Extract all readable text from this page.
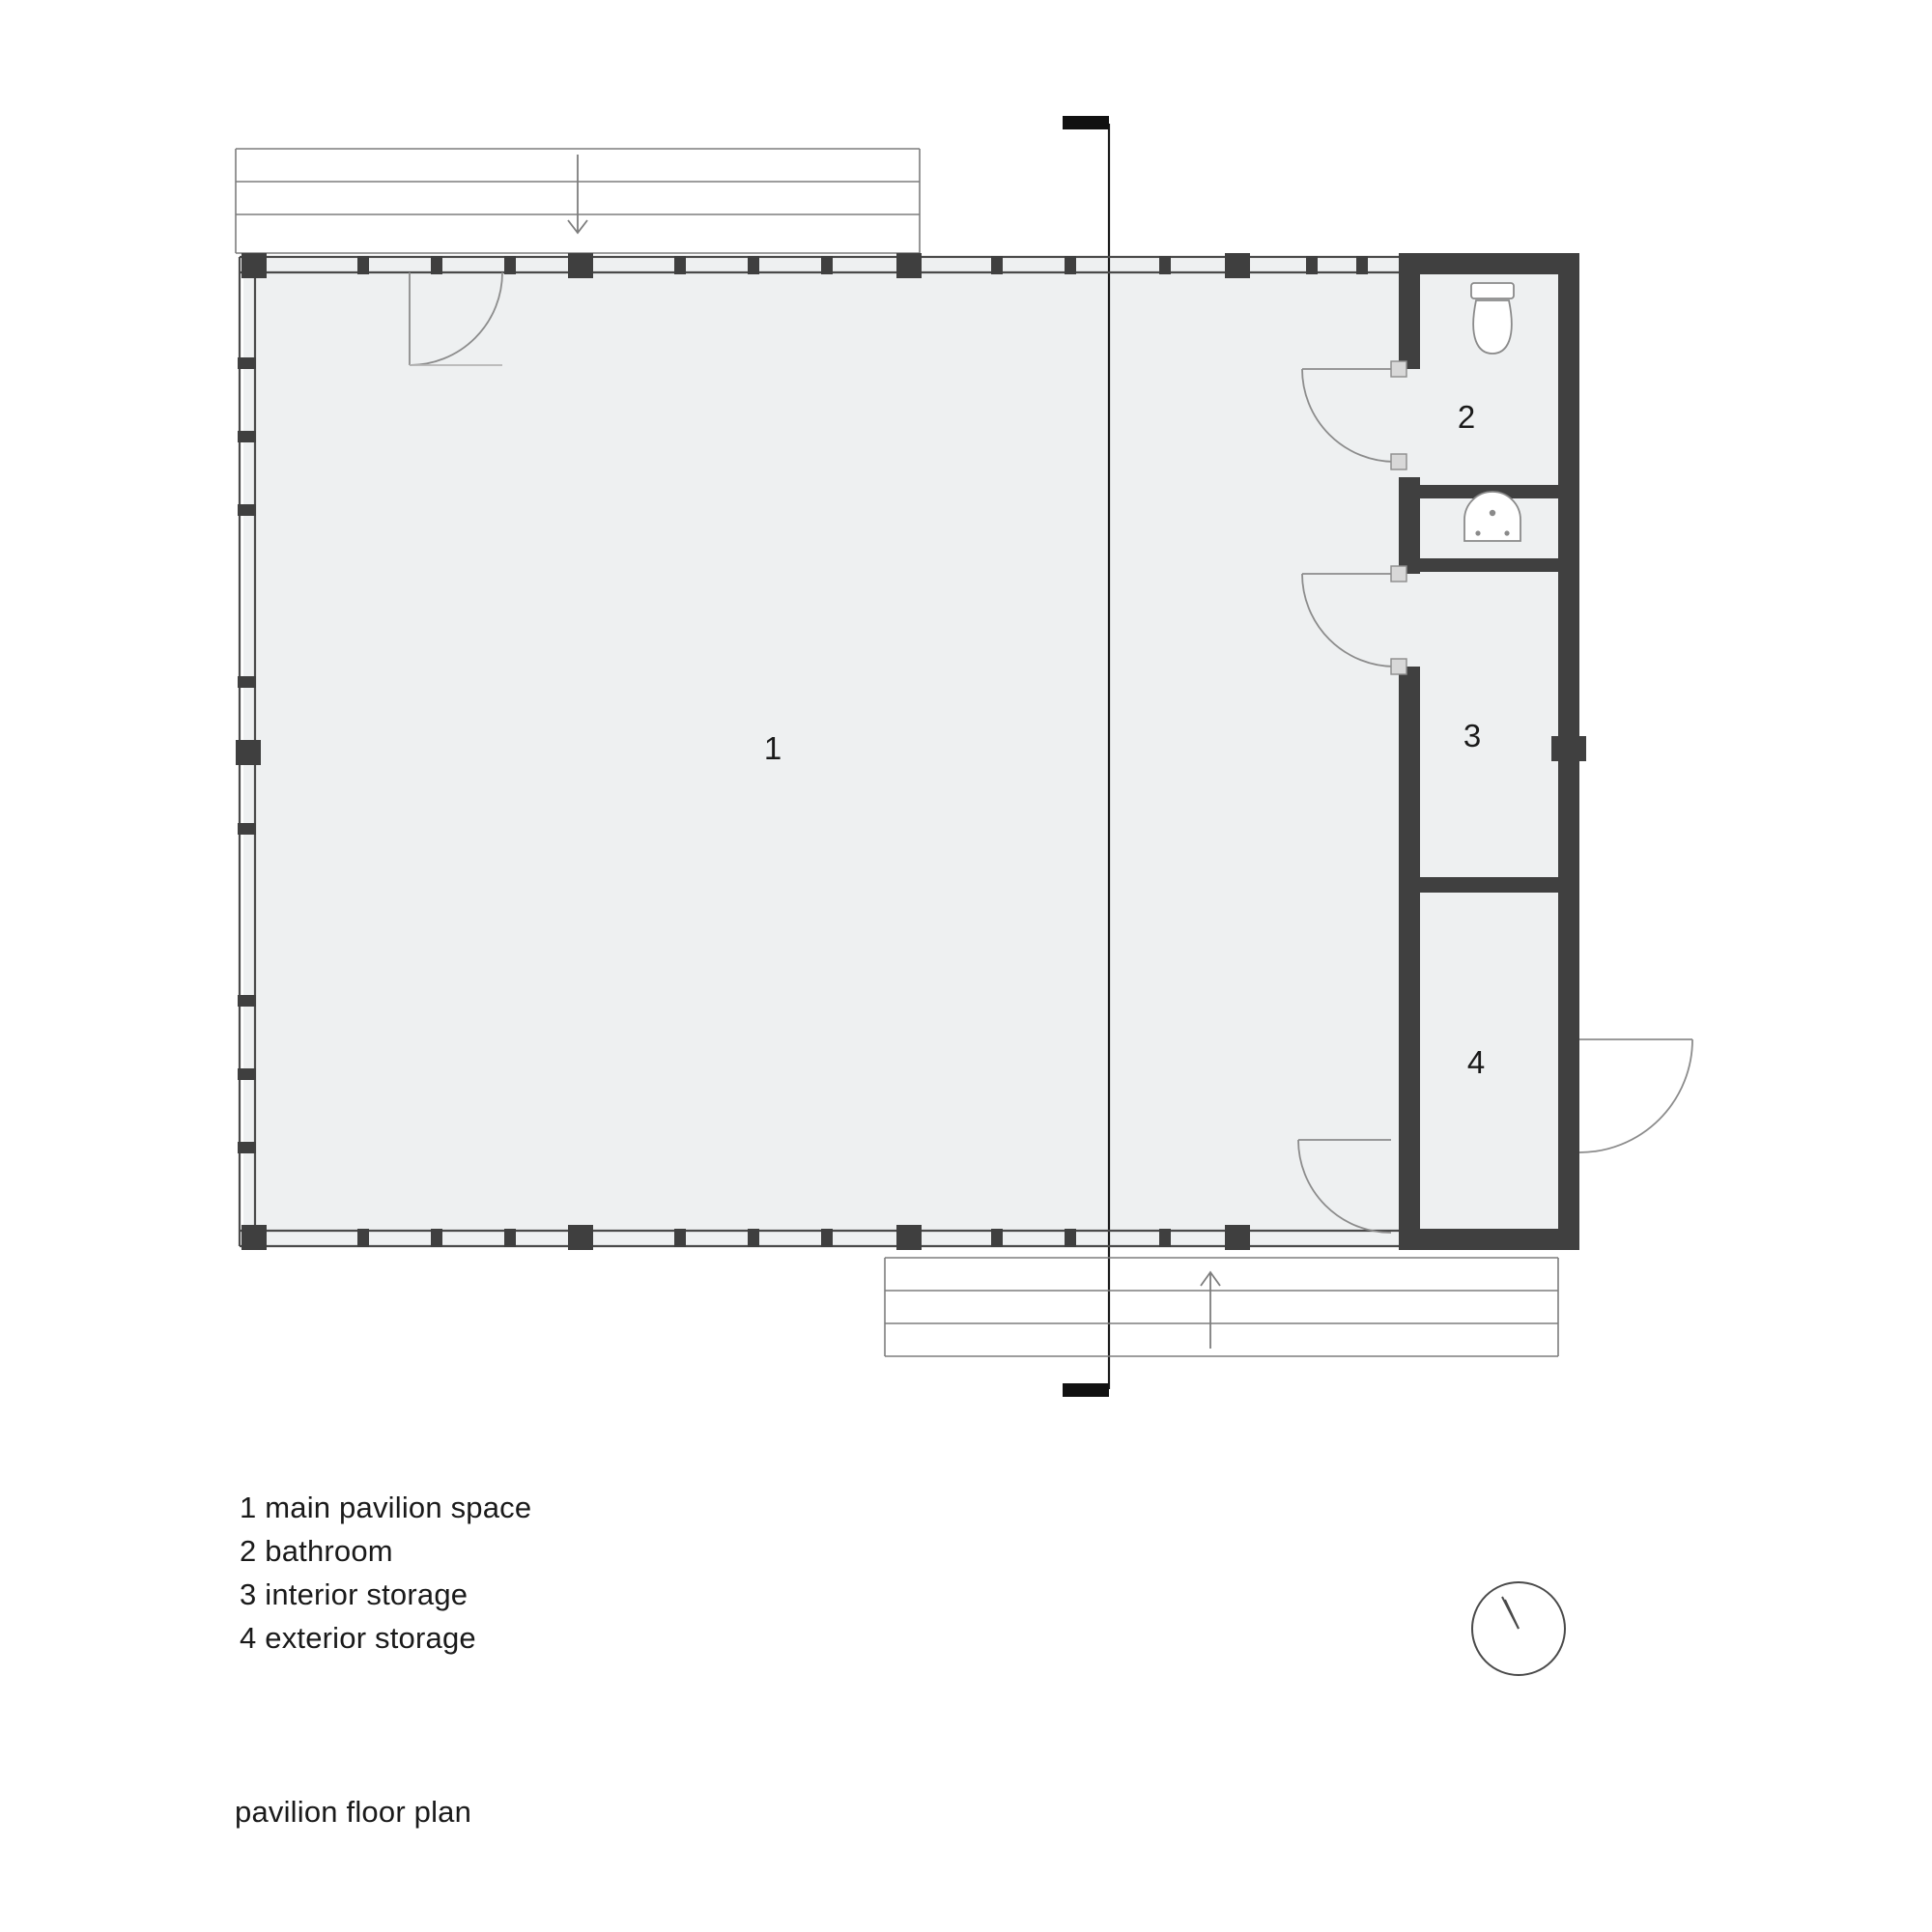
1
2
3
4
1 main pavilion space
2 bathroom
3 interior storage
4 exterior storage
pavilion floor plan
